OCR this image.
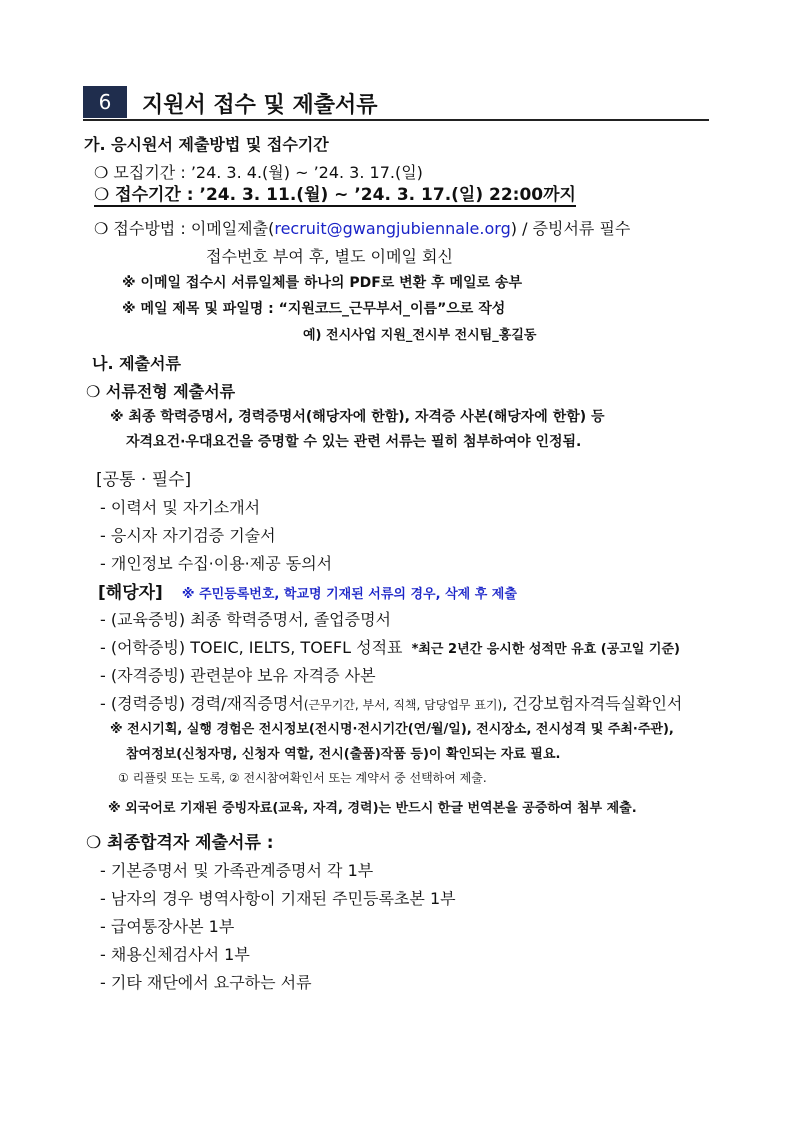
6	지원서 접수 및 제출서류
가. 응시원서 제출방법 및 접수기간
❍ 모집기간 : ’24. 3. 4.(월) ~ ’24. 3. 17.(일)
❍ 접수기간 : ’24. 3. 11.(월) ~ ’24. 3. 17.(일) 22:00까지
❍ 접수방법 : 이메일제출(recruit@gwangjubiennale.org) / 증빙서류 필수
접수번호 부여 후, 별도 이메일 회신
※ 이메일 접수시 서류일체를 하나의 PDF로 변환 후 메일로 송부
※ 메일 제목 및 파일명 : “지원코드_근무부서_이름”으로 작성
예) 전시사업 지원_전시부 전시팀_홍길동
나. 제출서류
❍ 서류전형 제출서류
※ 최종 학력증명서, 경력증명서(해당자에 한함), 자격증 사본(해당자에 한함) 등
자격요건·우대요건을 증명할 수 있는 관련 서류는 필히 첨부하여야 인정됨.
[공통 · 필수]
- 이력서 및 자기소개서
- 응시자 자기검증 기술서
- 개인정보 수집·이용·제공 동의서
[해당자] ※ 주민등록번호, 학교명 기재된 서류의 경우, 삭제 후 제출
- (교육증빙) 최종 학력증명서, 졸업증명서
- (어학증빙) TOEIC, IELTS, TOEFL 성적표 *최근 2년간 응시한 성적만 유효 (공고일 기준)
- (자격증빙) 관련분야 보유 자격증 사본
- (경력증빙) 경력/재직증명서(근무기간, 부서, 직책, 담당업무 표기), 건강보험자격득실확인서
※ 전시기획, 실행 경험은 전시정보(전시명·전시기간(연/월/일), 전시장소, 전시성격 및 주최·주관),
참여정보(신청자명, 신청자 역할, 전시(출품)작품 등)이 확인되는 자료 필요.
① 리플릿 또는 도록, ② 전시참여확인서 또는 계약서 중 선택하여 제출.
※ 외국어로 기재된 증빙자료(교육, 자격, 경력)는 반드시 한글 번역본을 공증하여 첨부 제출.
❍ 최종합격자 제출서류 :
- 기본증명서 및 가족관계증명서 각 1부
- 남자의 경우 병역사항이 기재된 주민등록초본 1부
- 급여통장사본 1부
- 채용신체검사서 1부
- 기타 재단에서 요구하는 서류
